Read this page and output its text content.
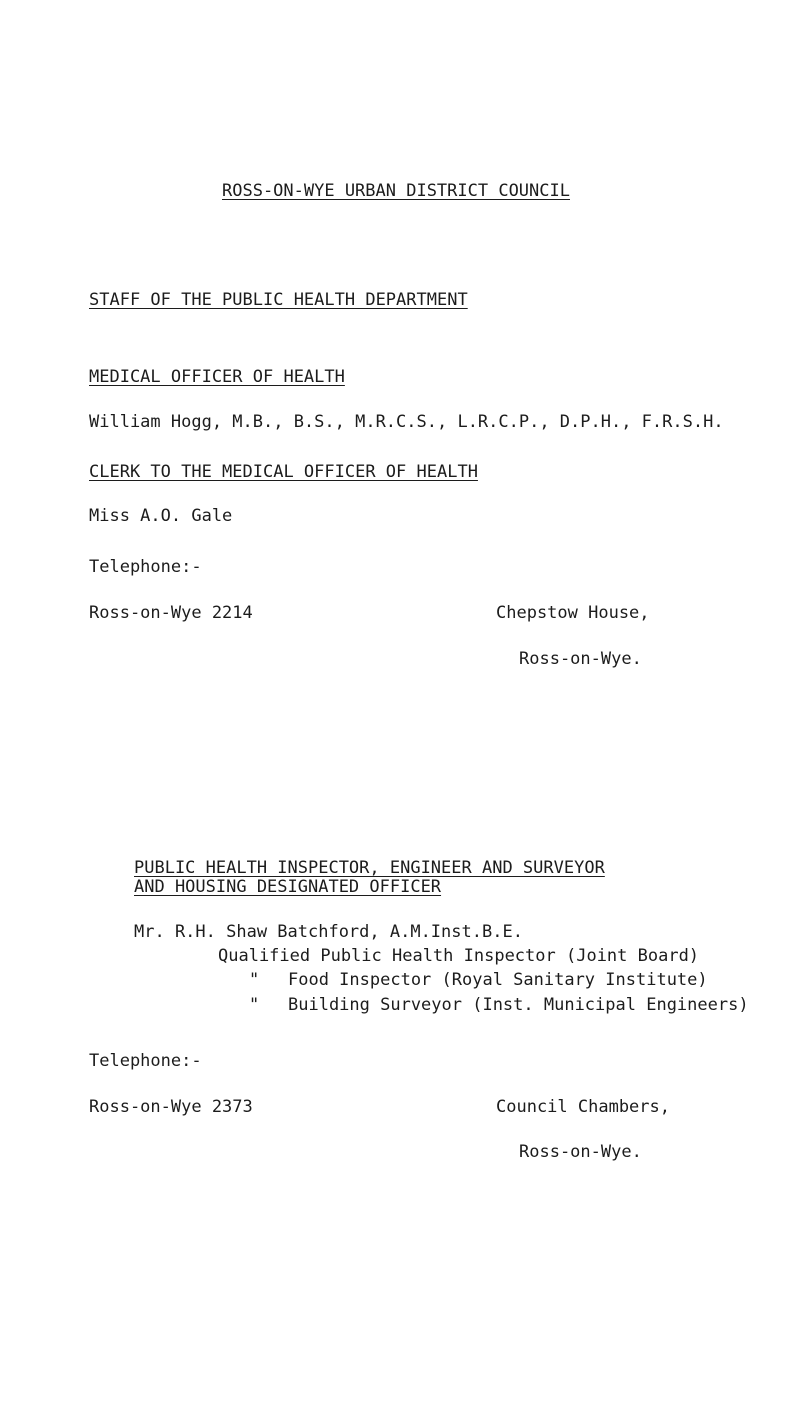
ROSS-ON-WYE URBAN DISTRICT COUNCIL
STAFF OF THE PUBLIC HEALTH DEPARTMENT
MEDICAL OFFICER OF HEALTH
William Hogg, M.B., B.S., M.R.C.S., L.R.C.P., D.P.H., F.R.S.H.
CLERK TO THE MEDICAL OFFICER OF HEALTH
Miss A.O. Gale
Telephone:-
Ross-on-Wye 2214	Chepstow House,
Ross-on-Wye.
PUBLIC HEALTH INSPECTOR, ENGINEER AND SURVEYOR
AND HOUSING DESIGNATED OFFICER
Mr. R.H. Shaw Batchford, A.M.Inst.B.E.
Qualified Public Health Inspector (Joint Board)
" Food Inspector (Royal Sanitary Institute)
" Building Surveyor (Inst. Municipal Engineers)
Telephone:-
Ross-on-Wye 2373	Council Chambers,
Ross-on-Wye.
